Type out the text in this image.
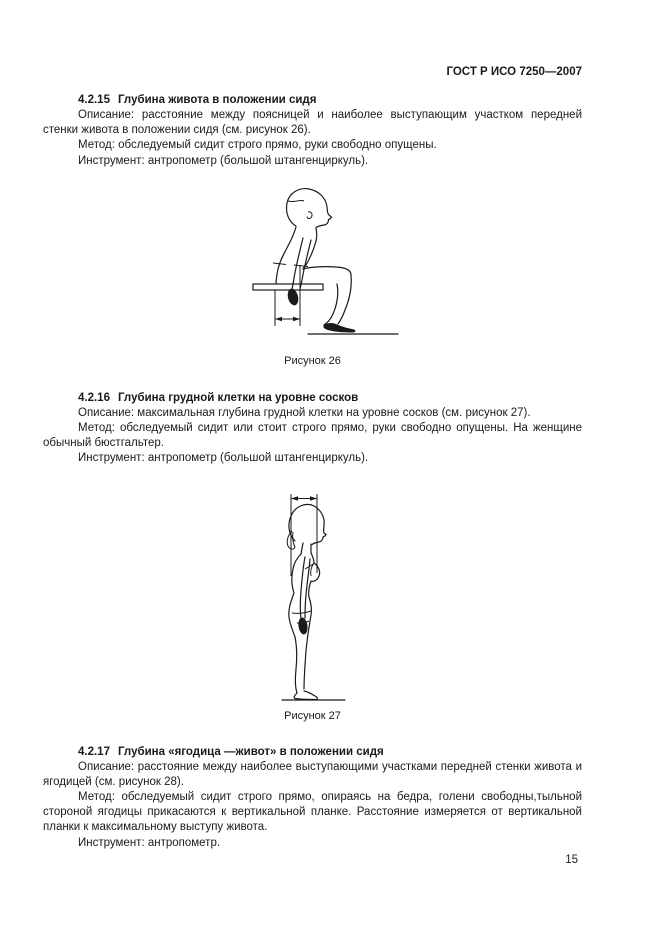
ГОСТ Р ИСО 7250—2007
4.2.15 Глубина живота в положении сидя

Описание: расстояние между поясницей и наиболее выступающим участком передней стенки живота в положении сидя (см. рисунок 26).

Метод: обследуемый сидит строго прямо, руки свободно опущены.

Инструмент: антропометр (большой штангенциркуль).

Рисунок 26
4.2.16 Глубина грудной клетки на уровне сосков

Описание: максимальная глубина грудной клетки на уровне сосков (см. рисунок 27).

Метод: обследуемый сидит или стоит строго прямо, руки свободно опущены. На женщине обычный бюстгальтер.

Инструмент: антропометр (большой штангенциркуль).

Рисунок 27
4.2.17 Глубина «ягодица —живот» в положении сидя

Описание: расстояние между наиболее выступающими участками передней стенки живота и ягодицей (см. рисунок 28).

Метод: обследуемый сидит строго прямо, опираясь на бедра, голени свободны,тыльной стороной ягодицы прикасаются к вертикальной планке. Расстояние измеряется от вертикальной планки к максимальному выступу живота.

Инструмент: антропометр.

15
